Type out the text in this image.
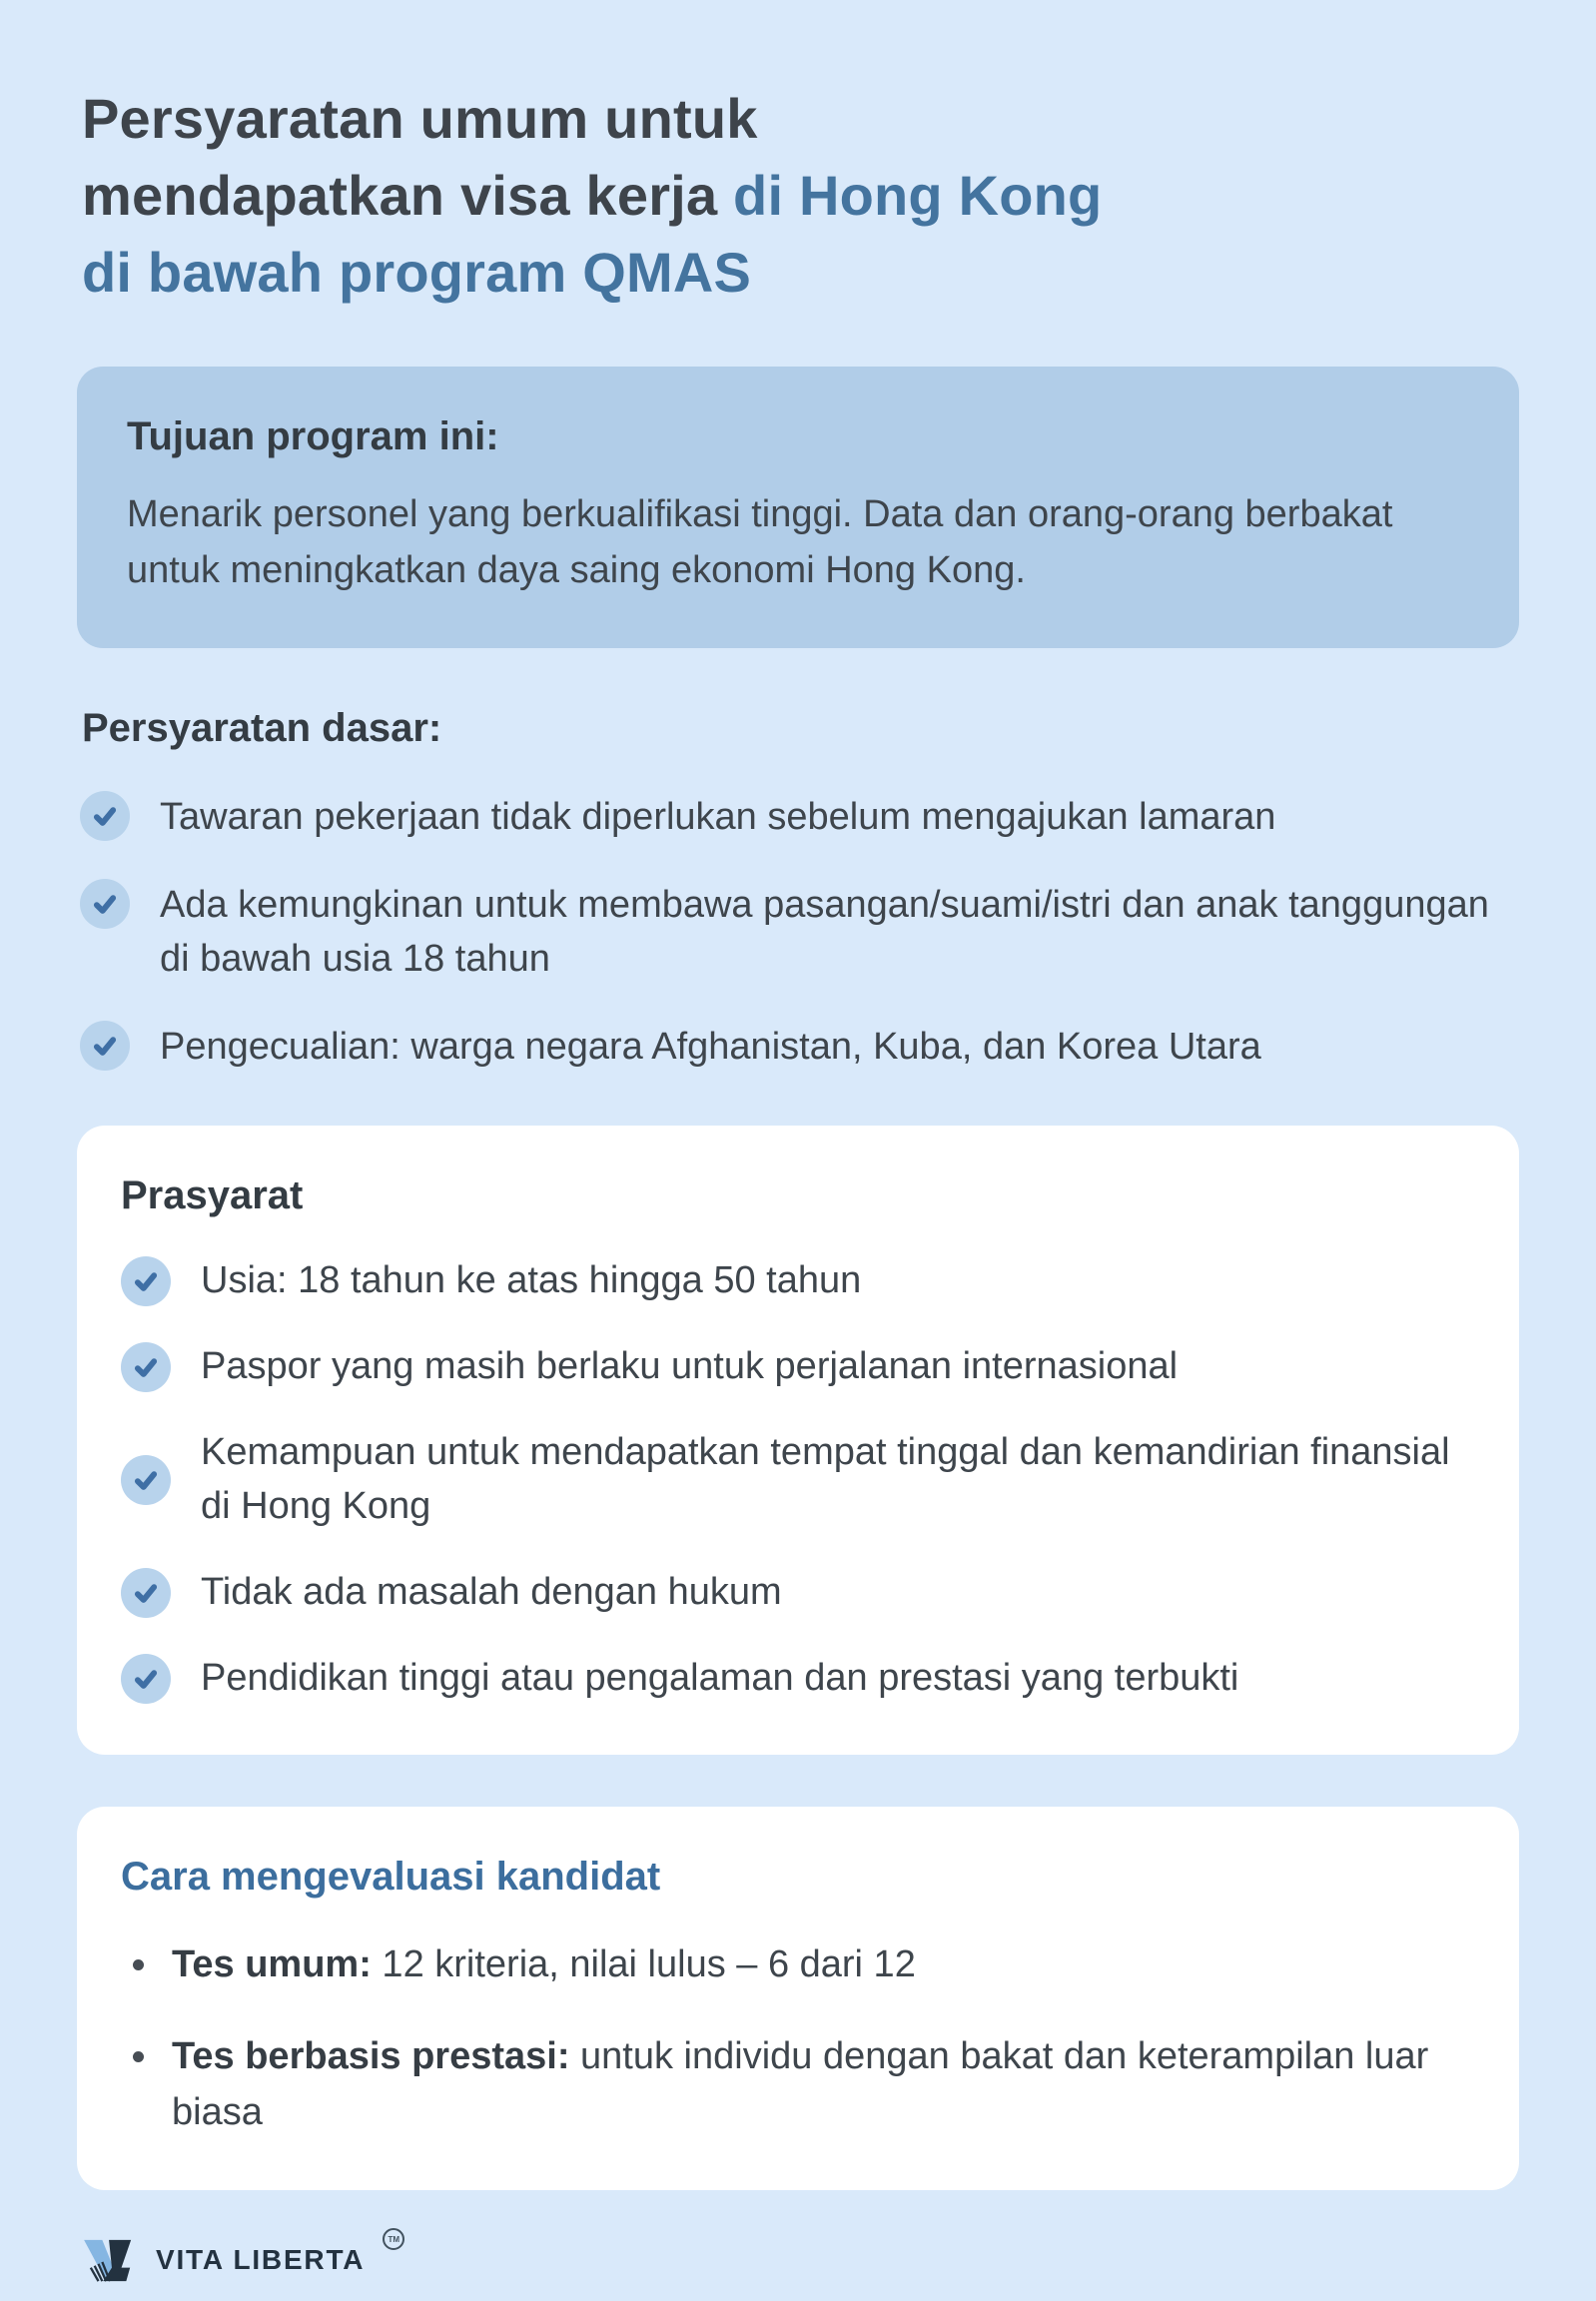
Persyaratan umum untuk
mendapatkan visa kerja di Hong Kong
di bawah program QMAS
Tujuan program ini:

Menarik personel yang berkualifikasi tinggi. Data dan orang-orang berbakat untuk meningkatkan daya saing ekonomi Hong Kong.

Persyaratan dasar:
Tawaran pekerjaan tidak diperlukan sebelum mengajukan lamaran
Ada kemungkinan untuk membawa pasangan/suami/istri dan anak tanggungan di bawah usia 18 tahun
Pengecualian: warga negara Afghanistan, Kuba, dan Korea Utara
Prasyarat
Usia: 18 tahun ke atas hingga 50 tahun
Paspor yang masih berlaku untuk perjalanan internasional
Kemampuan untuk mendapatkan tempat tinggal dan kemandirian finansial di Hong Kong
Tidak ada masalah dengan hukum
Pendidikan tinggi atau pengalaman dan prestasi yang terbukti
Cara mengevaluasi kandidat
Tes umum: 12 kriteria, nilai lulus – 6 dari 12
Tes berbasis prestasi: untuk individu dengan bakat dan keterampilan luar biasa
VITA LIBERTA
TM
